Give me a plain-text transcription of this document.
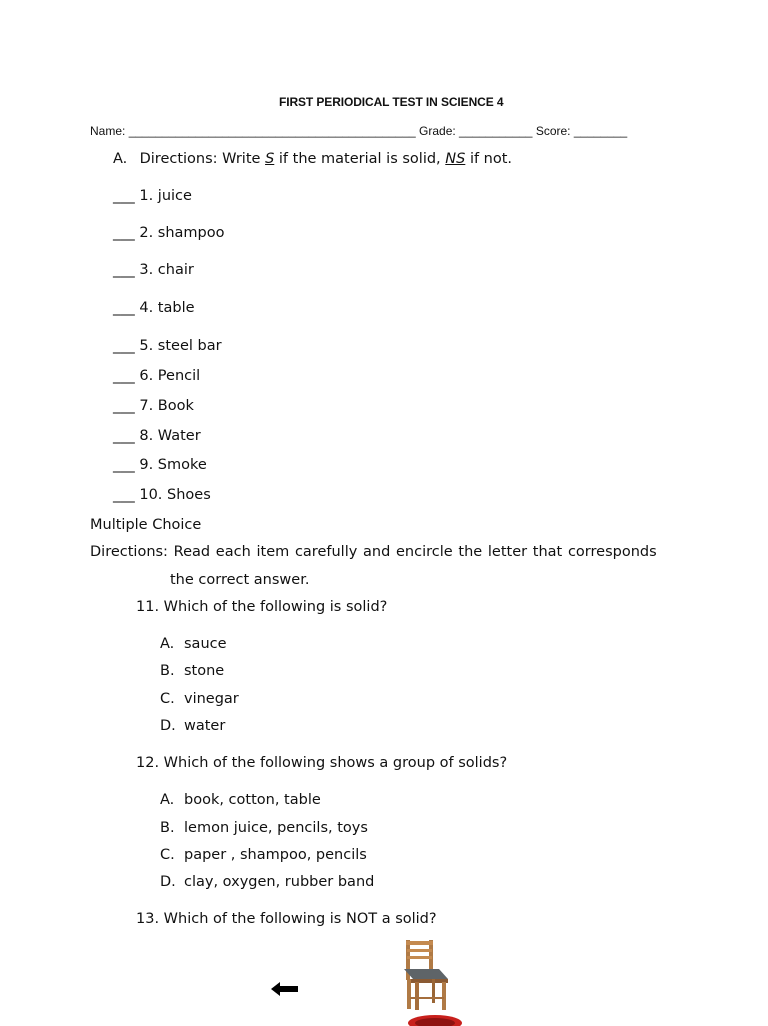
FIRST PERIODICAL TEST IN SCIENCE 4
Name: ___________________________________________ Grade: ___________ Score: ________
A. Directions: Write S if the material is solid, NS if not.
___ 1. juice
___ 2. shampoo
___ 3. chair
___ 4. table
___ 5. steel bar
___ 6. Pencil
___ 7. Book
___ 8. Water
___ 9. Smoke
___ 10. Shoes
Multiple Choice
Directions: Read each item carefully and encircle the letter that corresponds
the correct answer.
11. Which of the following is solid?
A. sauce
B. stone
C. vinegar
D. water
12. Which of the following shows a group of solids?
A. book, cotton, table
B. lemon juice, pencils, toys
C. paper , shampoo, pencils
D. clay, oxygen, rubber band
13. Which of the following is NOT a solid?
